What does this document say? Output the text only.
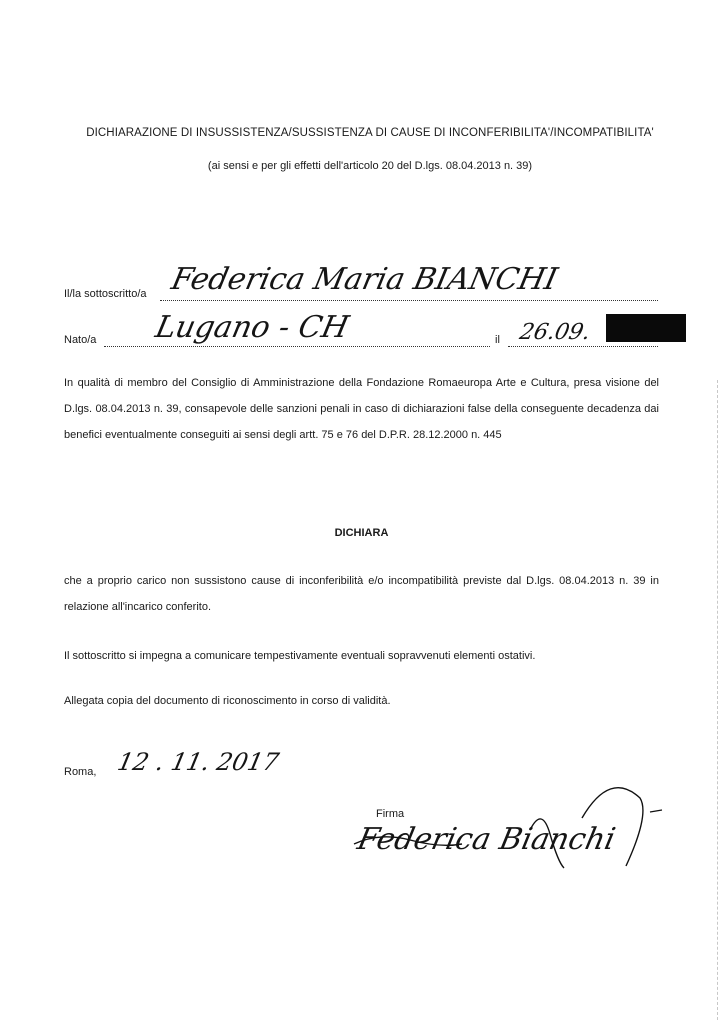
DICHIARAZIONE DI INSUSSISTENZA/SUSSISTENZA DI CAUSE DI INCONFERIBILITA'/INCOMPATIBILITA'
(ai sensi e per gli effetti dell'articolo 20 del D.lgs. 08.04.2013 n. 39)
Il/la sottoscritto/a Federica Maria BIANCHI
Nato/a Lugano - CH	il 26.09.
In qualità di membro del Consiglio di Amministrazione della Fondazione Romaeuropa Arte e Cultura, presa visione del D.lgs. 08.04.2013 n. 39, consapevole delle sanzioni penali in caso di dichiarazioni false della conseguente decadenza dai benefici eventualmente conseguiti ai sensi degli artt. 75 e 76 del D.P.R. 28.12.2000 n. 445
DICHIARA
che a proprio carico non sussistono cause di inconferibilità e/o incompatibilità previste dal D.lgs. 08.04.2013 n. 39 in relazione all'incarico conferito.
Il sottoscritto si impegna a comunicare tempestivamente eventuali sopravvenuti elementi ostativi.
Allegata copia del documento di riconoscimento in corso di validità.
Roma, 12 . 11. 2017
Firma
Federica Bianchi
